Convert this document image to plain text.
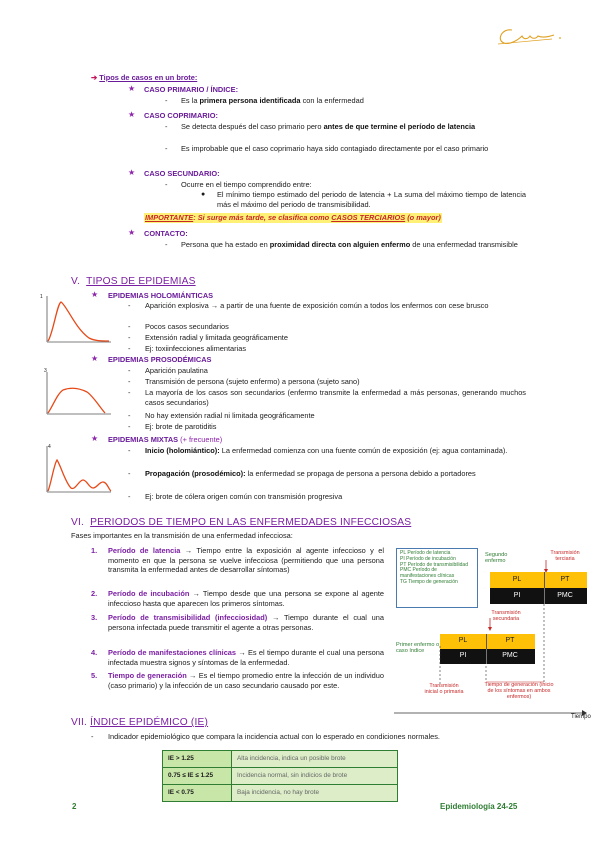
➔ Tipos de casos en un brote:
★ CASO PRIMARIO / ÍNDICE:
- Es la primera persona identificada con la enfermedad
★ CASO COPRIMARIO:
- Se detecta después del caso primario pero antes de que termine el período de latencia
- Es improbable que el caso coprimario haya sido contagiado directamente por el caso primario
★ CASO SECUNDARIO:
- Ocurre en el tiempo comprendido entre:
● El mínimo tiempo estimado del periodo de latencia + La suma del máximo tiempo de latencia más el máximo del periodo de transmisibilidad.
IMPORTANTE: Si surge más tarde, se clasifica como CASOS TERCIARIOS (o mayor)
★ CONTACTO:
- Persona que ha estado en proximidad directa con alguien enfermo de una enfermedad transmisible
V. TIPOS DE EPIDEMIAS
1	★ EPIDEMIAS HOLOMIÁNTICAS
- Aparición explosiva → a partir de una fuente de exposición común a todos los enfermos con cese brusco
- Pocos casos secundarios
- Extensión radial y limitada geográficamente
- Ej: toxiinfecciones alimentarias
3
★ EPIDEMIAS PROSODÉMICAS
- Aparición paulatina
- Transmisión de persona (sujeto enfermo) a persona (sujeto sano)
- La mayoría de los casos son secundarios (enfermo transmite la enfermedad a más personas, generando muchos casos secundarios)
- No hay extensión radial ni limitada geográficamente
- Ej: brote de parotiditis
4
★ EPIDEMIAS MIXTAS (+ frecuente)
- Inicio (holomiántico): La enfermedad comienza con una fuente común de exposición (ej: agua contaminada).
- Propagación (prosodémico): la enfermedad se propaga de persona a persona debido a portadores
- Ej: brote de cólera origen común con transmisión progresiva
VI. PERIODOS DE TIEMPO EN LAS ENFERMEDADES INFECCIOSAS
Fases importantes en la transmisión de una enfermedad infecciosa:
1. Período de latencia → Tiempo entre la exposición al agente infeccioso y el momento en que la persona se vuelve infecciosa (permitiendo que una persona transmita la enfermedad antes de desarrollar síntomas)
2. Período de incubación → Tiempo desde que una persona se expone al agente infeccioso hasta que aparecen los primeros síntomas.
3. Período de transmisibilidad (infecciosidad) → Tiempo durante el cual una persona infectada puede transmitir el agente a otras personas.
4. Período de manifestaciones clínicas → Es el tiempo durante el cual una persona infectada muestra signos y síntomas de la enfermedad.
5. Tiempo de generación → Es el tiempo promedio entre la infección de un individuo (caso primario) y la infección de un caso secundario causado por este.
PL Período de latencia
PI Período de incubación
PT Período de transmisibilidad
PMC Período de manifestaciones clínicas
TG Tiempo de generación
Segundo enfermo
Transmisión terciaria
PL	PT
PI	PMC
Transmisión secundaria
Primer enfermo o caso índice
PL	PT
PI	PMC
Transmisión inicial o primaria
Tiempo de generación (inicio de los síntomas en ambos enfermos)
Tiempo
VII. ÍNDICE EPIDÉMICO (IE)
- Indicador epidemiológico que compara la incidencia actual con lo esperado en condiciones normales.
IE > 1.25	Alta incidencia, indica un posible brote
0.75 ≤ IE ≤ 1.25	Incidencia normal, sin indicios de brote
IE < 0.75	Baja incidencia, no hay brote
2	Epidemiología 24-25
